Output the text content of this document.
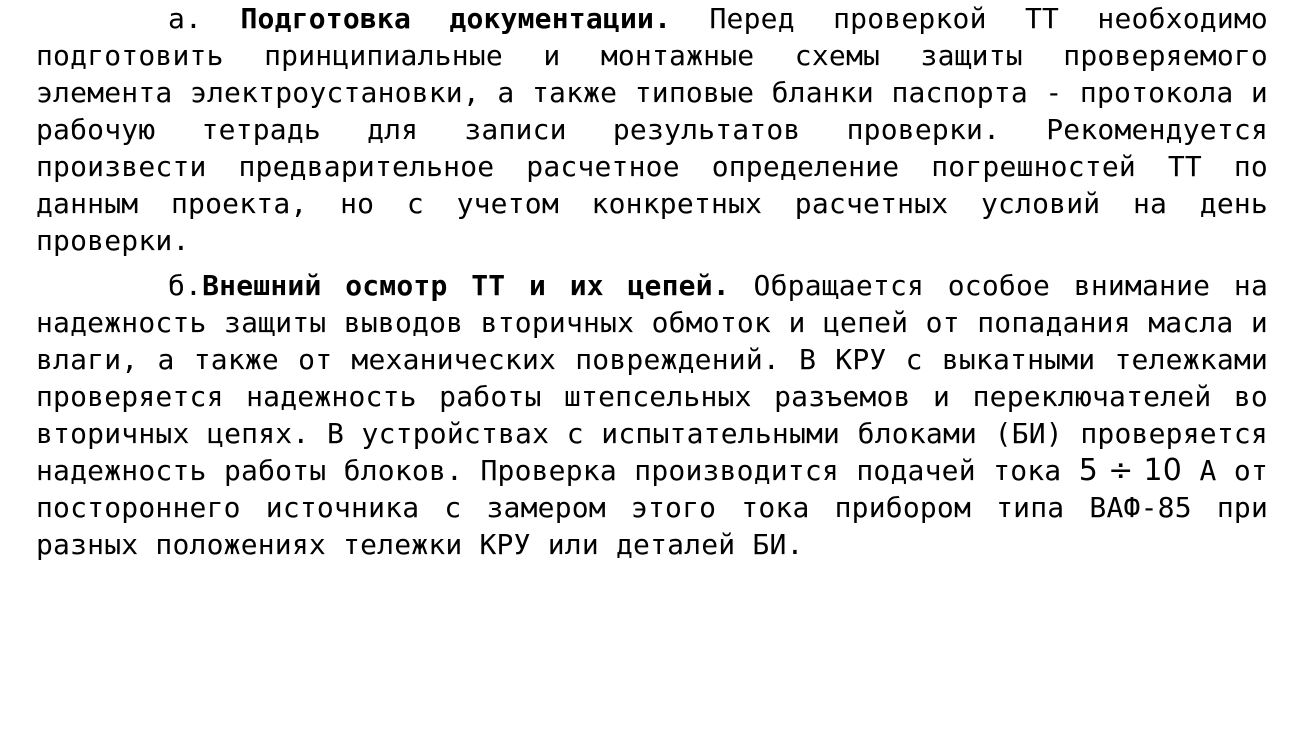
а. Подготовка документации. Перед проверкой ТТ необходимо подготовить принципиальные и монтажные схемы защиты проверяемого элемента электроустановки, а также типовые бланки паспорта - протокола и рабочую тетрадь для записи результатов проверки. Рекомендуется произвести предварительное расчетное определение погрешностей ТТ по данным проекта, но с учетом конкретных расчетных условий на день проверки.

б.Внешний осмотр ТТ и их цепей. Обращается особое внимание на надежность защиты выводов вторичных обмоток и цепей от попадания масла и влаги, а также от механических повреждений. В КРУ с выкатными тележками проверяется надежность работы штепсельных разъемов и переключателей во вторичных цепях. В устройствах с испытательными блоками (БИ) проверяется надежность работы блоков. Проверка производится подачей тока 5 ÷ 10 А от постороннего источника с замером этого тока прибором типа ВАФ-85 при разных положениях тележки КРУ или деталей БИ.
